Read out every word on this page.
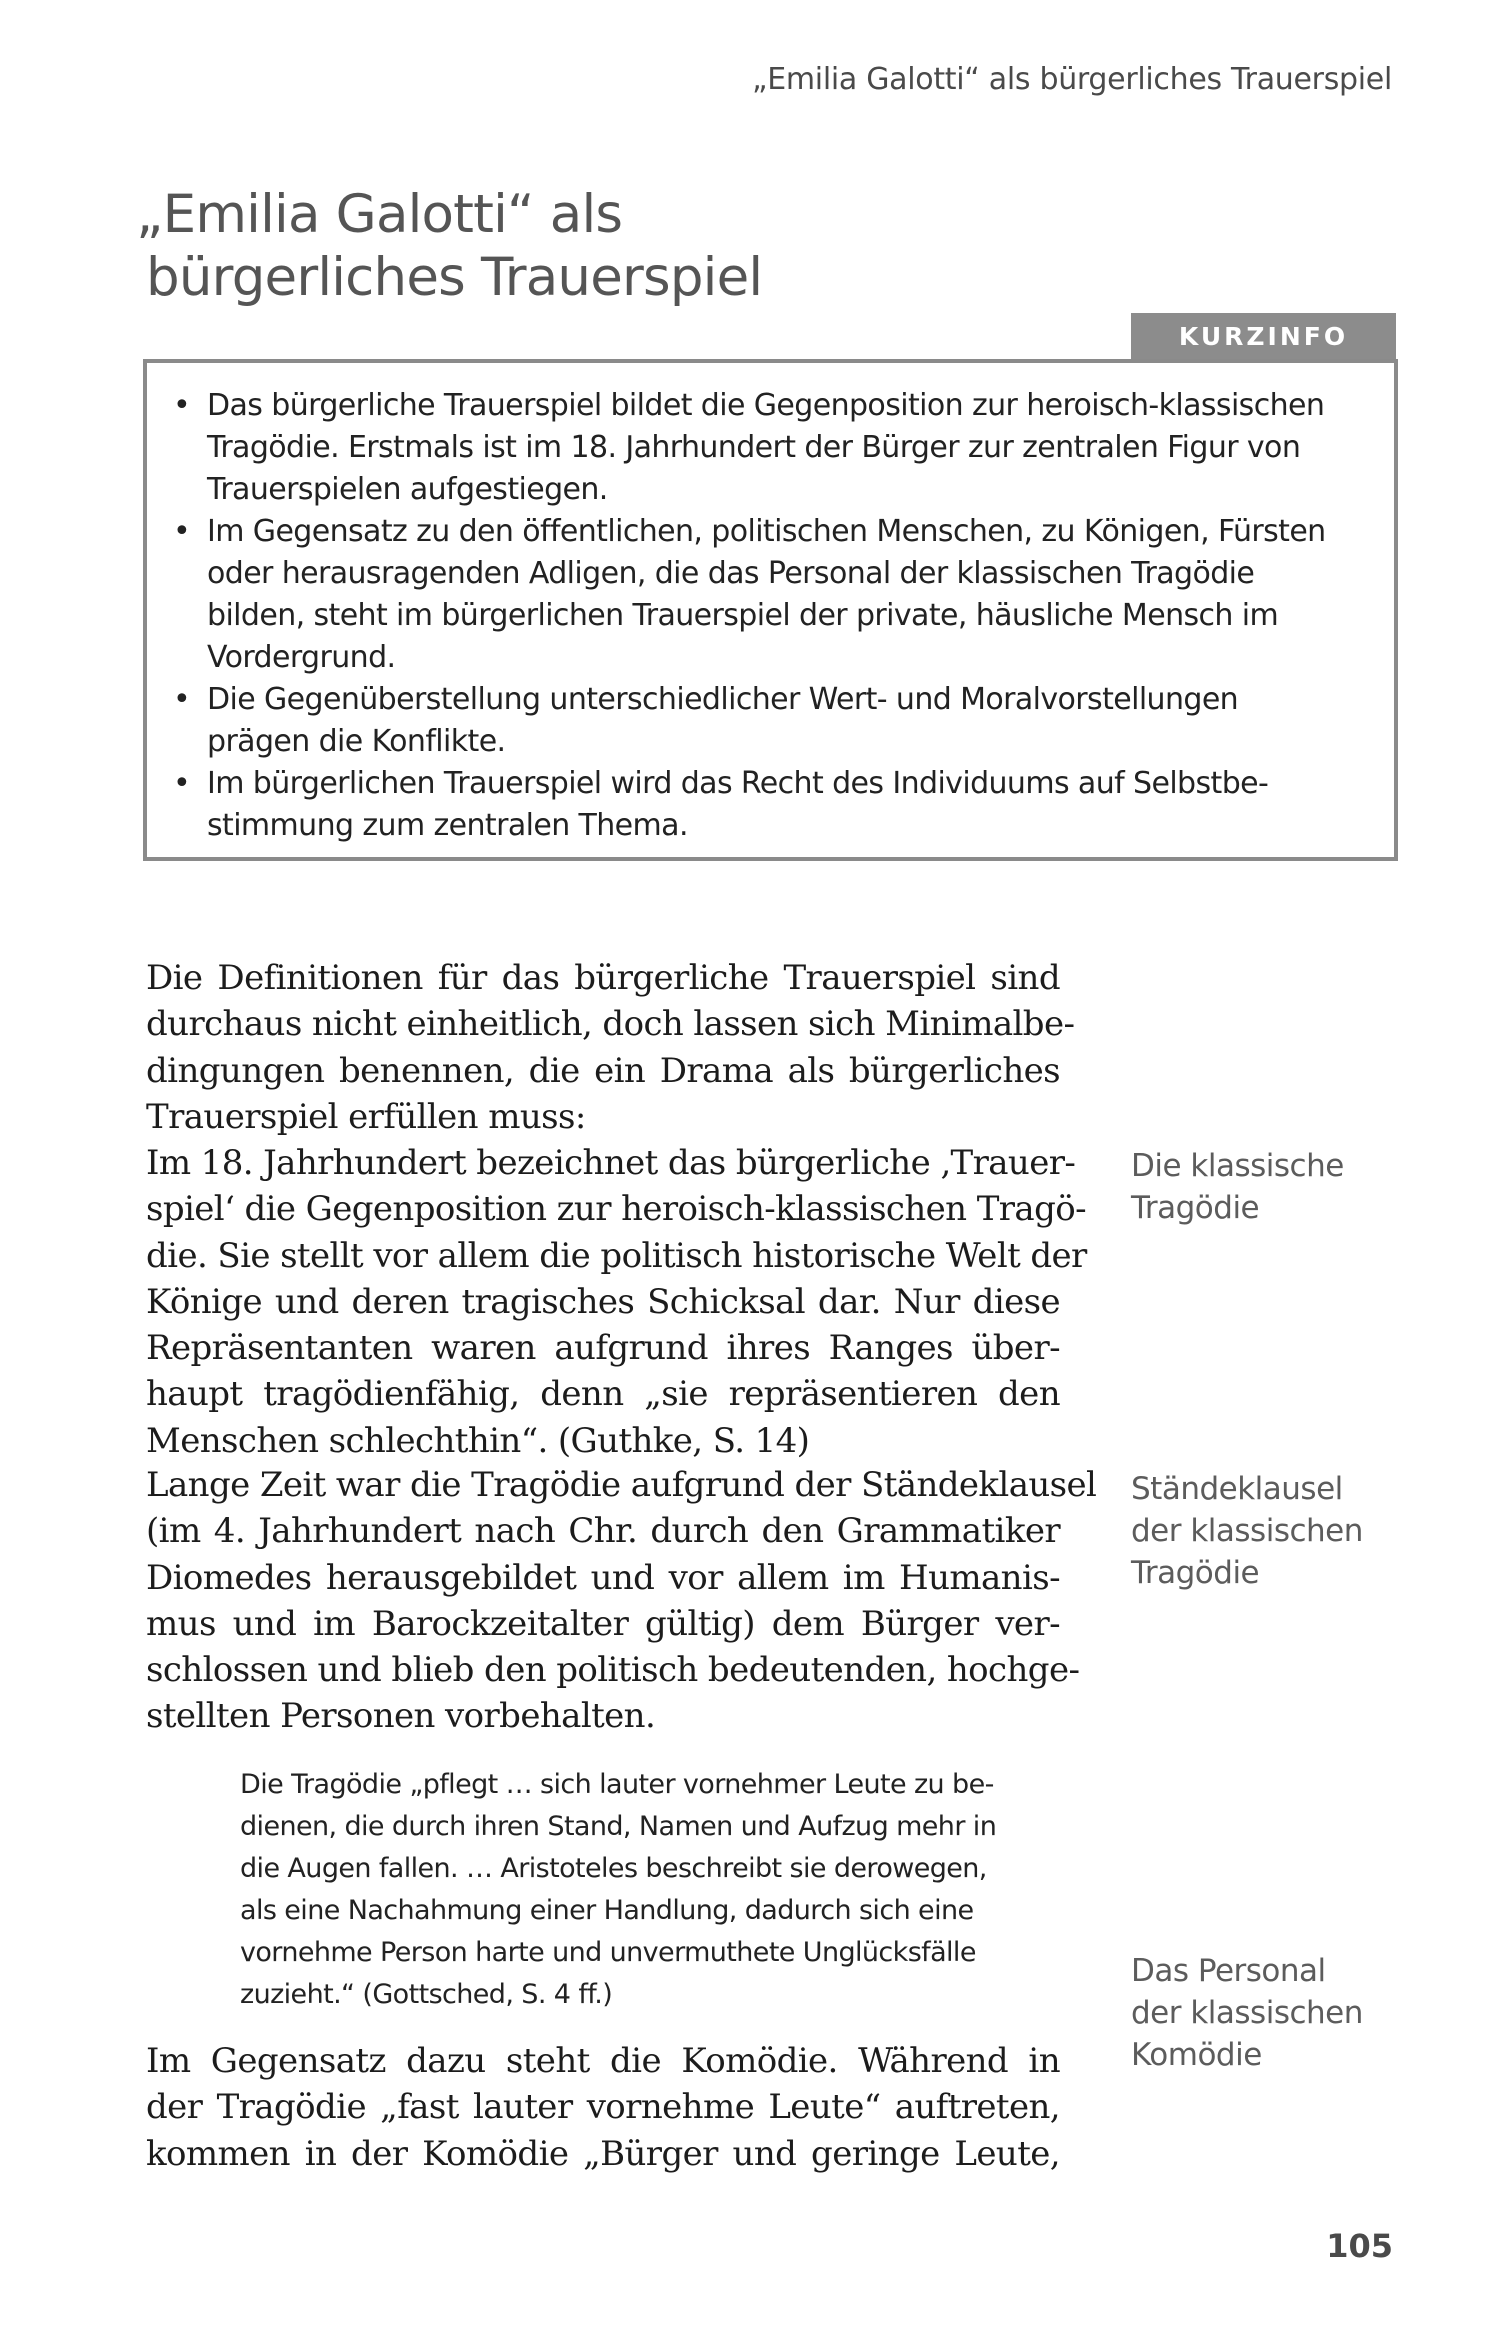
„Emilia Galotti“ als bürgerliches Trauerspiel
„Emilia Galotti“ als
bürgerliches Trauerspiel
KURZINFO
• Das bürgerliche Trauerspiel bildet die Gegenposition zur heroisch-klassischen
Tragödie. Erstmals ist im 18. Jahrhundert der Bürger zur zentralen Figur von
Trauerspielen aufgestiegen.
• Im Gegensatz zu den öffentlichen, politischen Menschen, zu Königen, Fürsten
oder herausragenden Adligen, die das Personal der klassischen Tragödie
bilden, steht im bürgerlichen Trauerspiel der private, häusliche Mensch im
Vordergrund.
• Die Gegenüberstellung unterschiedlicher Wert- und Moralvorstellungen
prägen die Konflikte.
• Im bürgerlichen Trauerspiel wird das Recht des Individuums auf Selbstbe-
stimmung zum zentralen Thema.
Die Definitionen für das bürgerliche Trauerspiel sind
durchaus nicht einheitlich, doch lassen sich Minimalbe-
dingungen benennen, die ein Drama als bürgerliches
Trauerspiel erfüllen muss:
Im 18. Jahrhundert bezeichnet das bürgerliche ‚Trauer-
spiel‘ die Gegenposition zur heroisch-klassischen Tragö-
die. Sie stellt vor allem die politisch historische Welt der
Könige und deren tragisches Schicksal dar. Nur diese
Repräsentanten waren aufgrund ihres Ranges über-
haupt tragödienfähig, denn „sie repräsentieren den
Menschen schlechthin“. (Guthke, S. 14)
Lange Zeit war die Tragödie aufgrund der Ständeklausel
(im 4. Jahrhundert nach Chr. durch den Grammatiker
Diomedes herausgebildet und vor allem im Humanis-
mus und im Barockzeitalter gültig) dem Bürger ver-
schlossen und blieb den politisch bedeutenden, hochge-
stellten Personen vorbehalten.
Die Tragödie „pflegt … sich lauter vornehmer Leute zu be-
dienen, die durch ihren Stand, Namen und Aufzug mehr in
die Augen fallen. … Aristoteles beschreibt sie derowegen,
als eine Nachahmung einer Handlung, dadurch sich eine
vornehme Person harte und unvermuthete Unglücksfälle
zuzieht.“ (Gottsched, S. 4 ff.)
Im Gegensatz dazu steht die Komödie. Während in
der Tragödie „fast lauter vornehme Leute“ auftreten,
kommen in der Komödie „Bürger und geringe Leute,
Die klassische
Tragödie
Ständeklausel
der klassischen
Tragödie
Das Personal
der klassischen
Komödie
105
